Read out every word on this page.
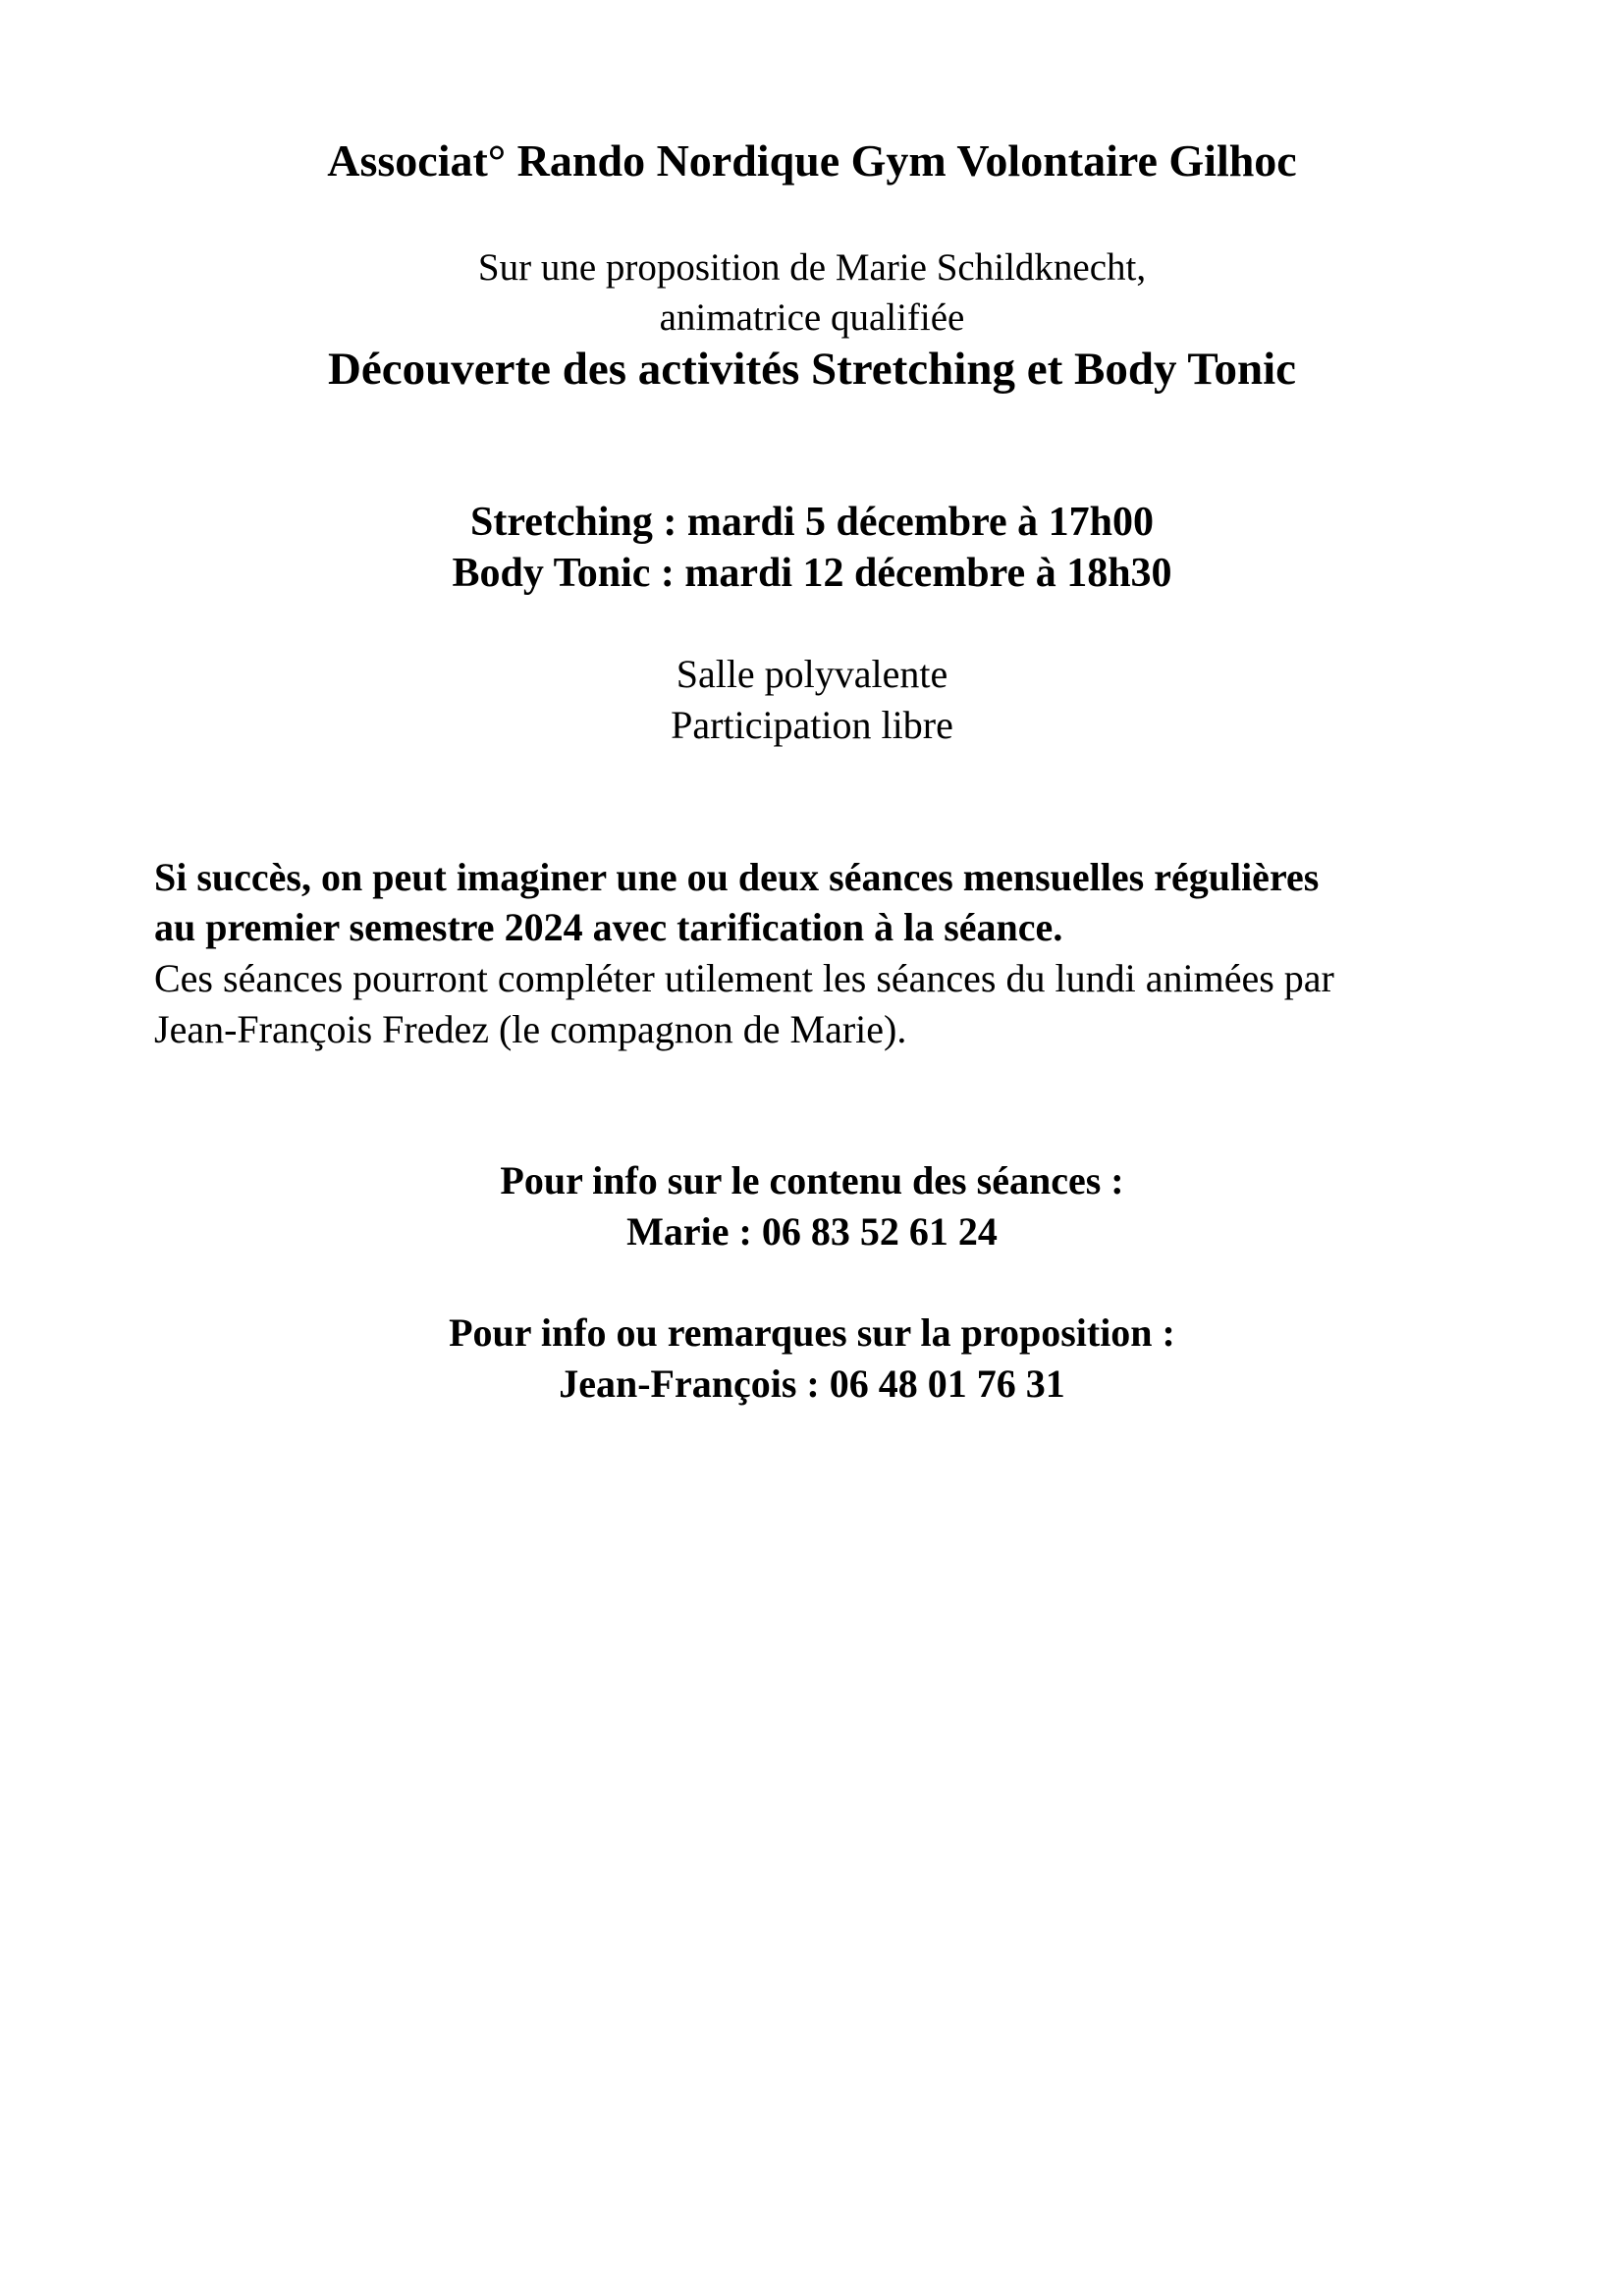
Associat° Rando Nordique Gym Volontaire Gilhoc
Sur une proposition de Marie Schildknecht,
animatrice qualifiée
Découverte des activités Stretching et Body Tonic
Stretching : mardi 5 décembre à 17h00
Body Tonic : mardi 12 décembre à 18h30
Salle polyvalente
Participation libre
Si succès, on peut imaginer une ou deux séances mensuelles régulières
au premier semestre 2024 avec tarification à la séance.
Ces séances pourront compléter utilement les séances du lundi animées par
Jean-François Fredez (le compagnon de Marie).
Pour info sur le contenu des séances :
Marie : 06 83 52 61 24
Pour info ou remarques sur la proposition :
Jean-François : 06 48 01 76 31
